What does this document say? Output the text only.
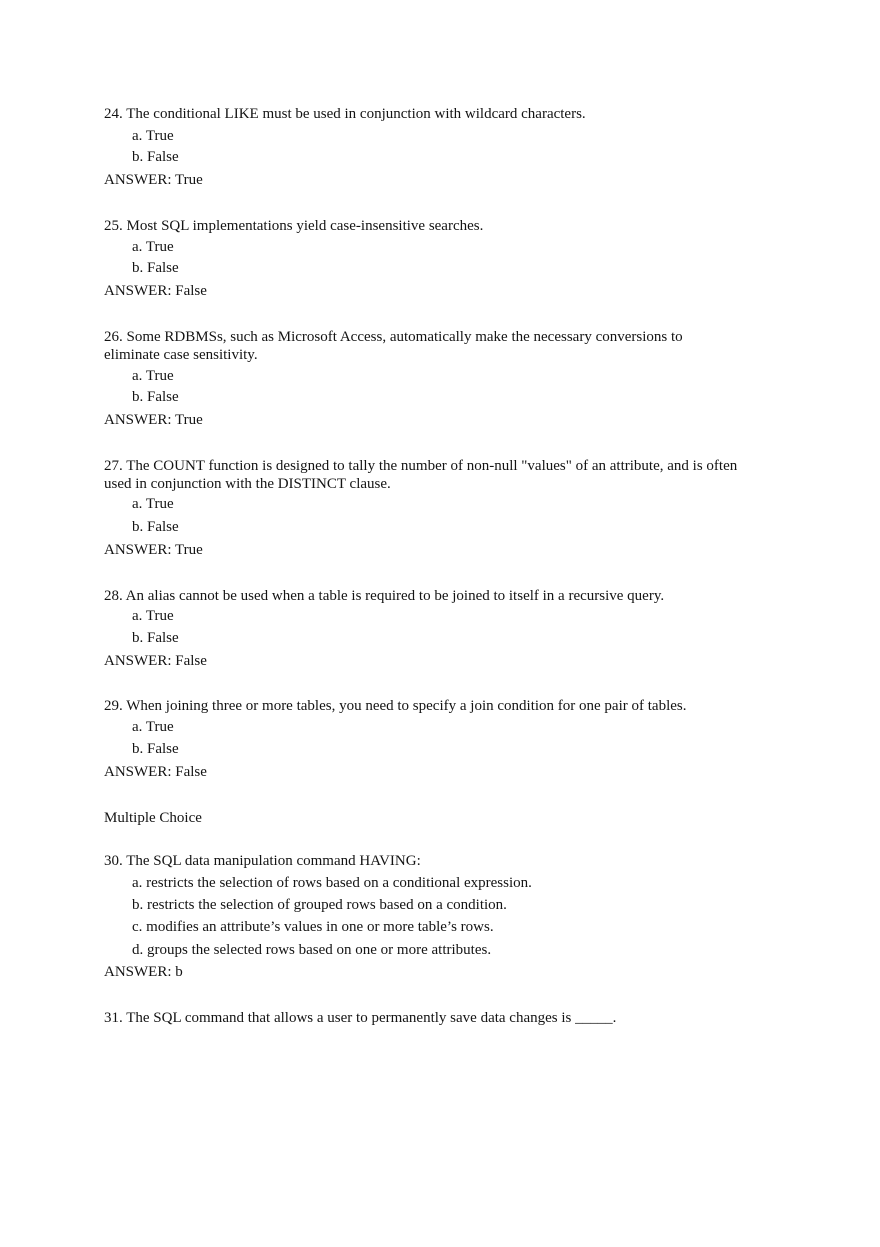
24. The conditional LIKE must be used in conjunction with wildcard characters.
a. True
b. False
ANSWER: True
25. Most SQL implementations yield case-insensitive searches.
a. True
b. False
ANSWER: False
26. Some RDBMSs, such as Microsoft Access, automatically make the necessary conversions to
eliminate case sensitivity.
a. True
b. False
ANSWER: True
27. The COUNT function is designed to tally the number of non-null "values" of an attribute, and is often
used in conjunction with the DISTINCT clause.
a. True
b. False
ANSWER: True
28. An alias cannot be used when a table is required to be joined to itself in a recursive query.
a. True
b. False
ANSWER: False
29. When joining three or more tables, you need to specify a join condition for one pair of tables.
a. True
b. False
ANSWER: False
Multiple Choice
30. The SQL data manipulation command HAVING:
a. restricts the selection of rows based on a conditional expression.
b. restricts the selection of grouped rows based on a condition.
c. modifies an attribute’s values in one or more table’s rows.
d. groups the selected rows based on one or more attributes.
ANSWER: b
31. The SQL command that allows a user to permanently save data changes is _____.
